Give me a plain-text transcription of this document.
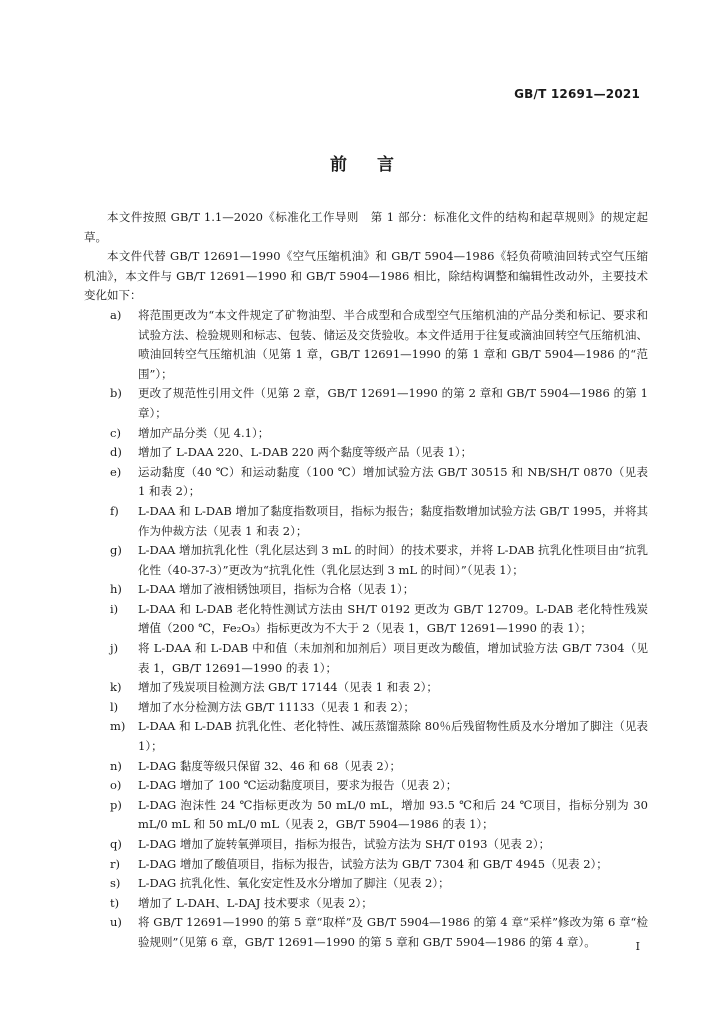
GB/T 12691—2021
前言

本文件按照 GB/T 1.1—2020《标准化工作导则　第 1 部分：标准化文件的结构和起草规则》的规定起草。

本文件代替 GB/T 12691—1990《空气压缩机油》和 GB/T 5904—1986《轻负荷喷油回转式空气压缩机油》，本文件与 GB/T 12691—1990 和 GB/T 5904—1986 相比，除结构调整和编辑性改动外，主要技术变化如下：

a) 将范围更改为“本文件规定了矿物油型、半合成型和合成型空气压缩机油的产品分类和标记、要求和试验方法、检验规则和标志、包装、储运及交货验收。本文件适用于往复或滴油回转空气压缩机油、喷油回转空气压缩机油（见第 1 章，GB/T 12691—1990 的第 1 章和 GB/T 5904—1986 的“范围”）；
b) 更改了规范性引用文件（见第 2 章，GB/T 12691—1990 的第 2 章和 GB/T 5904—1986 的第 1 章）；
c) 增加产品分类（见 4.1）；
d) 增加了 L-DAA 220、L-DAB 220 两个黏度等级产品（见表 1）；
e) 运动黏度（40 ℃）和运动黏度（100 ℃）增加试验方法 GB/T 30515 和 NB/SH/T 0870（见表 1 和表 2）；
f) L-DAA 和 L-DAB 增加了黏度指数项目，指标为报告；黏度指数增加试验方法 GB/T 1995，并将其作为仲裁方法（见表 1 和表 2）；
g) L-DAA 增加抗乳化性（乳化层达到 3 mL 的时间）的技术要求，并将 L-DAB 抗乳化性项目由“抗乳化性（40-37-3）”更改为“抗乳化性（乳化层达到 3 mL 的时间）”（见表 1）；
h) L-DAA 增加了液相锈蚀项目，指标为合格（见表 1）；
i) L-DAA 和 L-DAB 老化特性测试方法由 SH/T 0192 更改为 GB/T 12709。L-DAB 老化特性残炭增值（200 ℃，Fe₂O₃）指标更改为不大于 2（见表 1，GB/T 12691—1990 的表 1）；
j) 将 L-DAA 和 L-DAB 中和值（未加剂和加剂后）项目更改为酸值，增加试验方法 GB/T 7304（见表 1，GB/T 12691—1990 的表 1）；
k) 增加了残炭项目检测方法 GB/T 17144（见表 1 和表 2）；
l) 增加了水分检测方法 GB/T 11133（见表 1 和表 2）；
m) L-DAA 和 L-DAB 抗乳化性、老化特性、减压蒸馏蒸除 80％后残留物性质及水分增加了脚注（见表 1）；
n) L-DAG 黏度等级只保留 32、46 和 68（见表 2）；
o) L-DAG 增加了 100 ℃运动黏度项目，要求为报告（见表 2）；
p) L-DAG 泡沫性 24 ℃指标更改为 50 mL/0 mL，增加 93.5 ℃和后 24 ℃项目，指标分别为 30 mL/0 mL 和 50 mL/0 mL（见表 2，GB/T 5904—1986 的表 1）；
q) L-DAG 增加了旋转氧弹项目，指标为报告，试验方法为 SH/T 0193（见表 2）；
r) L-DAG 增加了酸值项目，指标为报告，试验方法为 GB/T 7304 和 GB/T 4945（见表 2）；
s) L-DAG 抗乳化性、氧化安定性及水分增加了脚注（见表 2）；
t) 增加了 L-DAH、L-DAJ 技术要求（见表 2）；
u) 将 GB/T 12691—1990 的第 5 章“取样”及 GB/T 5904—1986 的第 4 章“采样”修改为第 6 章“检验规则”（见第 6 章，GB/T 12691—1990 的第 5 章和 GB/T 5904—1986 的第 4 章）。	I
